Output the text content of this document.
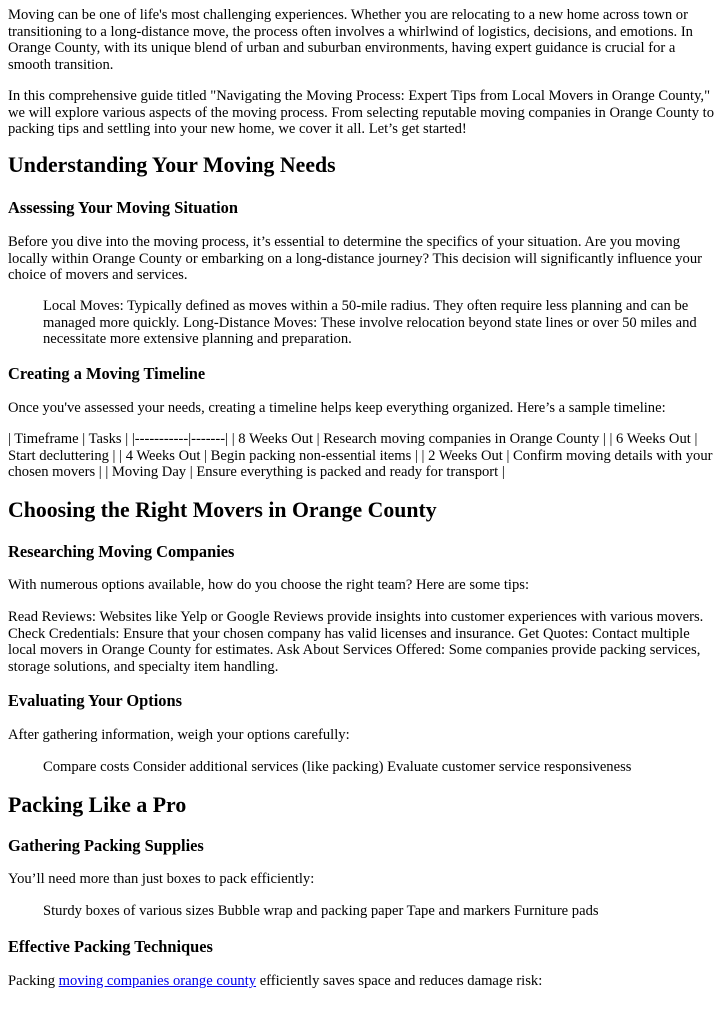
Moving can be one of life's most challenging experiences. Whether you are relocating to a new home across town or transitioning to a long-distance move, the process often involves a whirlwind of logistics, decisions, and emotions. In Orange County, with its unique blend of urban and suburban environments, having expert guidance is crucial for a smooth transition.

In this comprehensive guide titled "Navigating the Moving Process: Expert Tips from Local Movers in Orange County," we will explore various aspects of the moving process. From selecting reputable moving companies in Orange County to packing tips and settling into your new home, we cover it all. Let’s get started!

Understanding Your Moving Needs
Assessing Your Moving Situation

Before you dive into the moving process, it’s essential to determine the specifics of your situation. Are you moving locally within Orange County or embarking on a long-distance journey? This decision will significantly influence your choice of movers and services.

Local Moves: Typically defined as moves within a 50-mile radius. They often require less planning and can be managed more quickly. Long-Distance Moves: These involve relocation beyond state lines or over 50 miles and necessitate more extensive planning and preparation.
Creating a Moving Timeline

Once you've assessed your needs, creating a timeline helps keep everything organized. Here’s a sample timeline:

| Timeframe | Tasks | |-----------|-------| | 8 Weeks Out | Research moving companies in Orange County | | 6 Weeks Out | Start decluttering | | 4 Weeks Out | Begin packing non-essential items | | 2 Weeks Out | Confirm moving details with your chosen movers | | Moving Day | Ensure everything is packed and ready for transport |

Choosing the Right Movers in Orange County
Researching Moving Companies

With numerous options available, how do you choose the right team? Here are some tips:

Read Reviews: Websites like Yelp or Google Reviews provide insights into customer experiences with various movers. Check Credentials: Ensure that your chosen company has valid licenses and insurance. Get Quotes: Contact multiple local movers in Orange County for estimates. Ask About Services Offered: Some companies provide packing services, storage solutions, and specialty item handling.

Evaluating Your Options

After gathering information, weigh your options carefully:

Compare costs Consider additional services (like packing) Evaluate customer service responsiveness
Packing Like a Pro
Gathering Packing Supplies

You’ll need more than just boxes to pack efficiently:

Sturdy boxes of various sizes Bubble wrap and packing paper Tape and markers Furniture pads
Effective Packing Techniques

Packing moving companies orange county efficiently saves space and reduces damage risk:
